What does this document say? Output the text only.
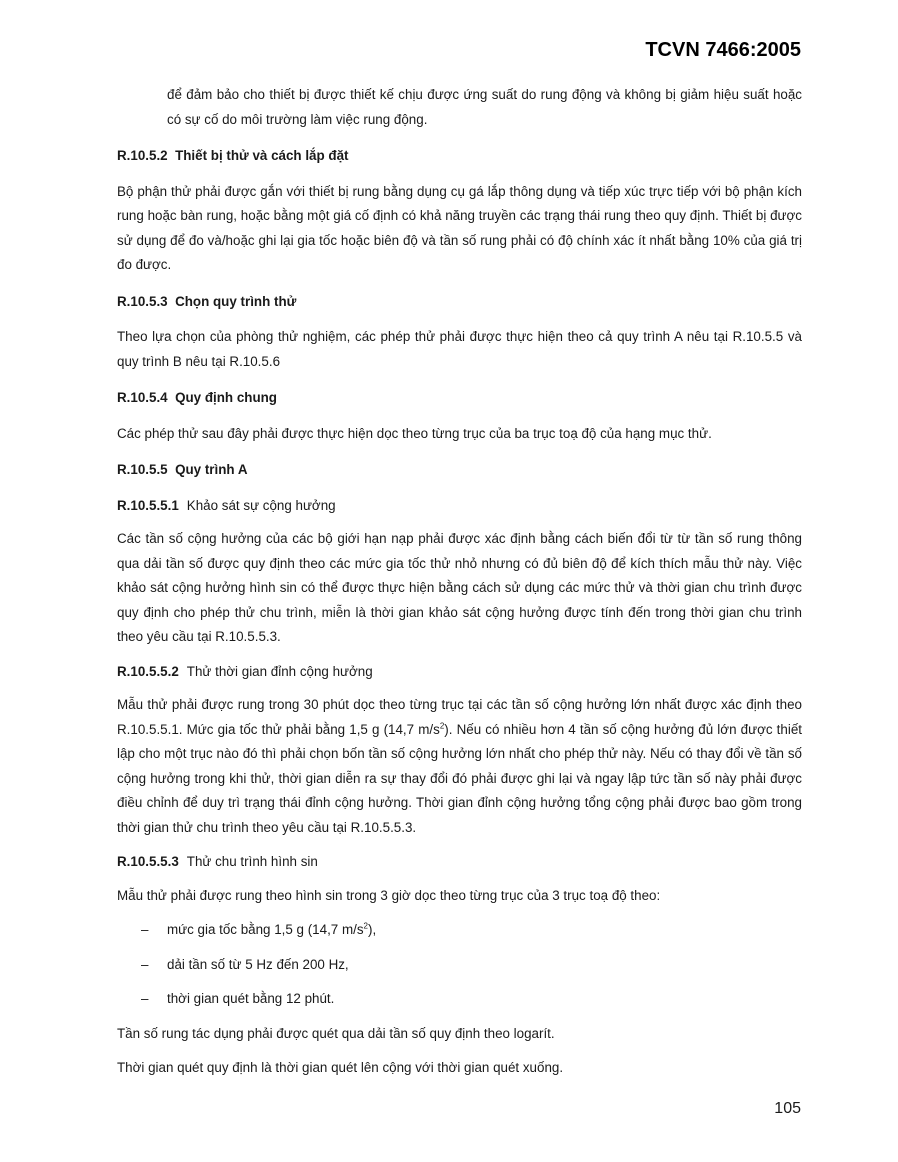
TCVN 7466:2005

để đảm bảo cho thiết bị được thiết kế chịu được ứng suất do rung động và không bị giảm hiệu suất hoặc có sự cố do môi trường làm việc rung động.

R.10.5.2 Thiết bị thử và cách lắp đặt

Bộ phận thử phải được gắn với thiết bị rung bằng dụng cụ gá lắp thông dụng và tiếp xúc trực tiếp với bộ phận kích rung hoặc bàn rung, hoặc bằng một giá cố định có khả năng truyền các trạng thái rung theo quy định. Thiết bị được sử dụng để đo và/hoặc ghi lại gia tốc hoặc biên độ và tần số rung phải có độ chính xác ít nhất bằng 10% của giá trị đo được.

R.10.5.3 Chọn quy trình thử

Theo lựa chọn của phòng thử nghiệm, các phép thử phải được thực hiện theo cả quy trình A nêu tại R.10.5.5 và quy trình B nêu tại R.10.5.6

R.10.5.4 Quy định chung

Các phép thử sau đây phải được thực hiện dọc theo từng trục của ba trục toạ độ của hạng mục thử.

R.10.5.5 Quy trình A

R.10.5.5.1 Khảo sát sự cộng hưởng

Các tần số cộng hưởng của các bộ giới hạn nạp phải được xác định bằng cách biến đổi từ từ tần số rung thông qua dải tần số được quy định theo các mức gia tốc thử nhỏ nhưng có đủ biên độ để kích thích mẫu thử này. Việc khảo sát cộng hưởng hình sin có thể được thực hiện bằng cách sử dụng các mức thử và thời gian chu trình được quy định cho phép thử chu trình, miễn là thời gian khảo sát cộng hưởng được tính đến trong thời gian chu trình theo yêu cầu tại R.10.5.5.3.

R.10.5.5.2 Thử thời gian đỉnh cộng hưởng

Mẫu thử phải được rung trong 30 phút dọc theo từng trục tại các tần số cộng hưởng lớn nhất được xác định theo R.10.5.5.1. Mức gia tốc thử phải bằng 1,5 g (14,7 $m/s^2$). Nếu có nhiều hơn 4 tần số cộng hưởng đủ lớn được thiết lập cho một trục nào đó thì phải chọn bốn tần số cộng hưởng lớn nhất cho phép thử này. Nếu có thay đổi về tần số cộng hưởng trong khi thử, thời gian diễn ra sự thay đổi đó phải được ghi lại và ngay lập tức tần số này phải được điều chỉnh để duy trì trạng thái đỉnh cộng hưởng. Thời gian đỉnh cộng hưởng tổng cộng phải được bao gồm trong thời gian thử chu trình theo yêu cầu tại R.10.5.5.3.

R.10.5.5.3 Thử chu trình hình sin

Mẫu thử phải được rung theo hình sin trong 3 giờ dọc theo từng trục của 3 trục toạ độ theo:

– mức gia tốc bằng 1,5 g (14,7 $m/s^2$),
– dải tần số từ 5 Hz đến 200 Hz,
– thời gian quét bằng 12 phút.

Tần số rung tác dụng phải được quét qua dải tần số quy định theo logarít.

Thời gian quét quy định là thời gian quét lên cộng với thời gian quét xuống.

105
